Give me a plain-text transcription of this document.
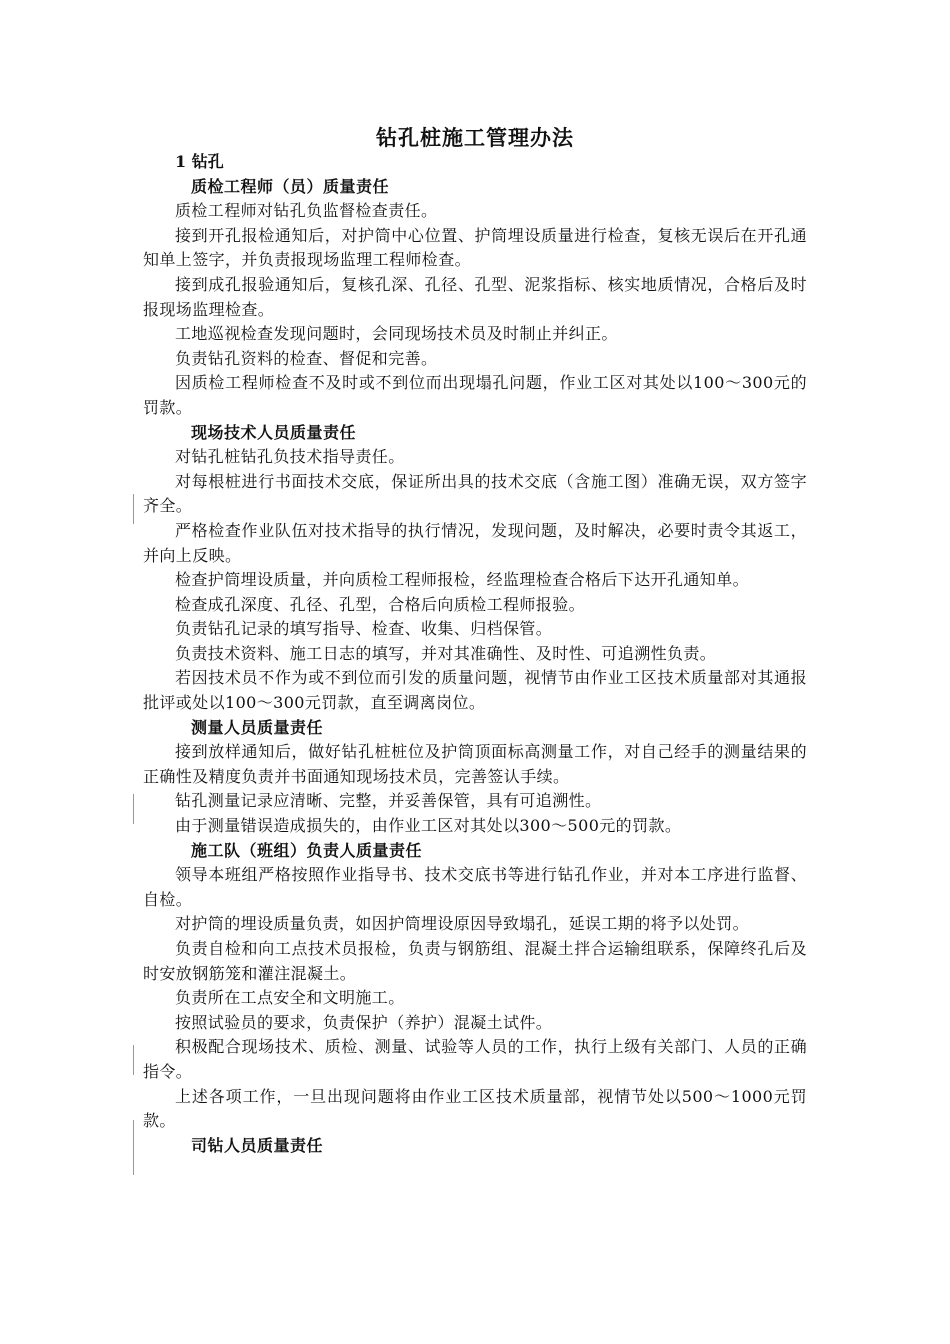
钻孔桩施工管理办法
1 钻孔
质检工程师（员）质量责任

质检工程师对钻孔负监督检查责任。

接到开孔报检通知后，对护筒中心位置、护筒埋设质量进行检查，复核无误后在开孔通知单上签字，并负责报现场监理工程师检查。

接到成孔报验通知后，复核孔深、孔径、孔型、泥浆指标、核实地质情况，合格后及时报现场监理检查。

工地巡视检查发现问题时，会同现场技术员及时制止并纠正。

负责钻孔资料的检查、督促和完善。

因质检工程师检查不及时或不到位而出现塌孔问题，作业工区对其处以100～300元的罚款。

现场技术人员质量责任

对钻孔桩钻孔负技术指导责任。

对每根桩进行书面技术交底，保证所出具的技术交底（含施工图）准确无误，双方签字齐全。

严格检查作业队伍对技术指导的执行情况，发现问题，及时解决，必要时责令其返工，并向上反映。

检查护筒埋设质量，并向质检工程师报检，经监理检查合格后下达开孔通知单。

检查成孔深度、孔径、孔型，合格后向质检工程师报验。

负责钻孔记录的填写指导、检查、收集、归档保管。

负责技术资料、施工日志的填写，并对其准确性、及时性、可追溯性负责。

若因技术员不作为或不到位而引发的质量问题，视情节由作业工区技术质量部对其通报批评或处以100～300元罚款，直至调离岗位。

测量人员质量责任

接到放样通知后，做好钻孔桩桩位及护筒顶面标高测量工作，对自己经手的测量结果的正确性及精度负责并书面通知现场技术员，完善签认手续。

钻孔测量记录应清晰、完整，并妥善保管，具有可追溯性。

由于测量错误造成损失的，由作业工区对其处以300～500元的罚款。

施工队（班组）负责人质量责任

领导本班组严格按照作业指导书、技术交底书等进行钻孔作业，并对本工序进行监督、自检。

对护筒的埋设质量负责，如因护筒埋设原因导致塌孔，延误工期的将予以处罚。

负责自检和向工点技术员报检，负责与钢筋组、混凝土拌合运输组联系，保障终孔后及时安放钢筋笼和灌注混凝土。

负责所在工点安全和文明施工。

按照试验员的要求，负责保护（养护）混凝土试件。

积极配合现场技术、质检、测量、试验等人员的工作，执行上级有关部门、人员的正确指令。

上述各项工作，一旦出现问题将由作业工区技术质量部，视情节处以500～1000元罚款。

司钻人员质量责任
